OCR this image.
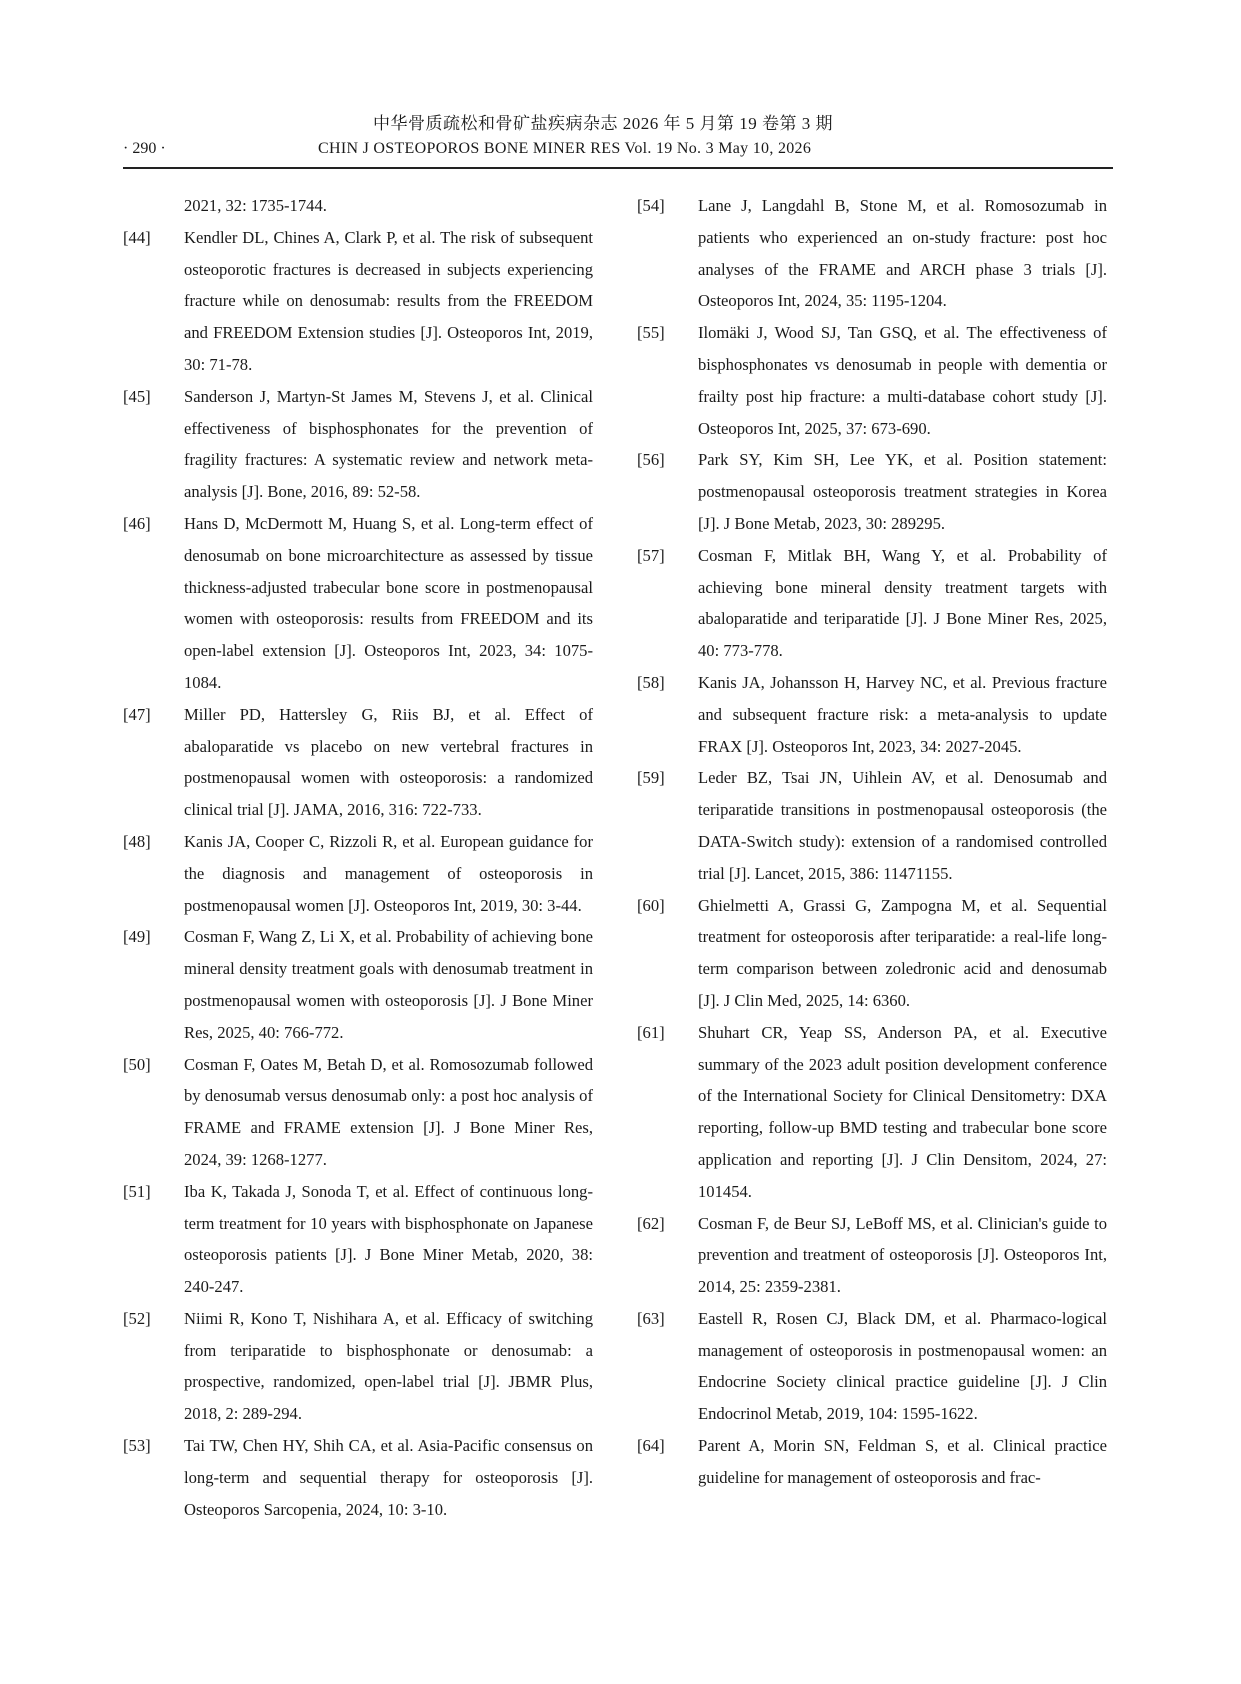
中华骨质疏松和骨矿盐疾病杂志 2026 年 5 月第 19 卷第 3 期
· 290 ·	CHIN J OSTEOPOROS BONE MINER RES Vol. 19 No. 3 May 10, 2026
2021, 32: 1735-1744.
[44] Kendler DL, Chines A, Clark P, et al. The risk of subsequent osteoporotic fractures is decreased in subjects experiencing fracture while on denosumab: results from the FREEDOM and FREEDOM Extension studies [J]. Osteoporos Int, 2019, 30: 71-78.
[45] Sanderson J, Martyn-St James M, Stevens J, et al. Clinical effectiveness of bisphosphonates for the prevention of fragility fractures: A systematic review and network meta-analysis [J]. Bone, 2016, 89: 52-58.
[46] Hans D, McDermott M, Huang S, et al. Long-term effect of denosumab on bone microarchitecture as assessed by tissue thickness-adjusted trabecular bone score in postmenopausal women with osteoporosis: results from FREEDOM and its open-label extension [J]. Osteoporos Int, 2023, 34: 1075-1084.
[47] Miller PD, Hattersley G, Riis BJ, et al. Effect of abaloparatide vs placebo on new vertebral fractures in postmenopausal women with osteoporosis: a randomized clinical trial [J]. JAMA, 2016, 316: 722-733.
[48] Kanis JA, Cooper C, Rizzoli R, et al. European guidance for the diagnosis and management of osteoporosis in postmenopausal women [J]. Osteoporos Int, 2019, 30: 3-44.
[49] Cosman F, Wang Z, Li X, et al. Probability of achieving bone mineral density treatment goals with denosumab treatment in postmenopausal women with osteoporosis [J]. J Bone Miner Res, 2025, 40: 766-772.
[50] Cosman F, Oates M, Betah D, et al. Romosozumab followed by denosumab versus denosumab only: a post hoc analysis of FRAME and FRAME extension [J]. J Bone Miner Res, 2024, 39: 1268-1277.
[51] Iba K, Takada J, Sonoda T, et al. Effect of continuous long-term treatment for 10 years with bisphosphonate on Japanese osteoporosis patients [J]. J Bone Miner Metab, 2020, 38: 240-247.
[52] Niimi R, Kono T, Nishihara A, et al. Efficacy of switching from teriparatide to bisphosphonate or denosumab: a prospective, randomized, open-label trial [J]. JBMR Plus, 2018, 2: 289-294.
[53] Tai TW, Chen HY, Shih CA, et al. Asia-Pacific consensus on long-term and sequential therapy for osteoporosis [J]. Osteoporos Sarcopenia, 2024, 10: 3-10.
[54] Lane J, Langdahl B, Stone M, et al. Romosozumab in patients who experienced an on-study fracture: post hoc analyses of the FRAME and ARCH phase 3 trials [J]. Osteoporos Int, 2024, 35: 1195-1204.
[55] Ilomäki J, Wood SJ, Tan GSQ, et al. The effectiveness of bisphosphonates vs denosumab in people with dementia or frailty post hip fracture: a multi-database cohort study [J]. Osteoporos Int, 2025, 37: 673-690.
[56] Park SY, Kim SH, Lee YK, et al. Position statement: postmenopausal osteoporosis treatment strategies in Korea [J]. J Bone Metab, 2023, 30: 289295.
[57] Cosman F, Mitlak BH, Wang Y, et al. Probability of achieving bone mineral density treatment targets with abaloparatide and teriparatide [J]. J Bone Miner Res, 2025, 40: 773-778.
[58] Kanis JA, Johansson H, Harvey NC, et al. Previous fracture and subsequent fracture risk: a meta-analysis to update FRAX [J]. Osteoporos Int, 2023, 34: 2027-2045.
[59] Leder BZ, Tsai JN, Uihlein AV, et al. Denosumab and teriparatide transitions in postmenopausal osteoporosis (the DATA-Switch study): extension of a randomised controlled trial [J]. Lancet, 2015, 386: 11471155.
[60] Ghielmetti A, Grassi G, Zampogna M, et al. Sequential treatment for osteoporosis after teriparatide: a real-life long-term comparison between zoledronic acid and denosumab [J]. J Clin Med, 2025, 14: 6360.
[61] Shuhart CR, Yeap SS, Anderson PA, et al. Executive summary of the 2023 adult position development conference of the International Society for Clinical Densitometry: DXA reporting, follow-up BMD testing and trabecular bone score application and reporting [J]. J Clin Densitom, 2024, 27: 101454.
[62] Cosman F, de Beur SJ, LeBoff MS, et al. Clinician's guide to prevention and treatment of osteoporosis [J]. Osteoporos Int, 2014, 25: 2359-2381.
[63] Eastell R, Rosen CJ, Black DM, et al. Pharmaco-logical management of osteoporosis in postmenopausal women: an Endocrine Society clinical practice guideline [J]. J Clin Endocrinol Metab, 2019, 104: 1595-1622.
[64] Parent A, Morin SN, Feldman S, et al. Clinical practice guideline for management of osteoporosis and frac-
